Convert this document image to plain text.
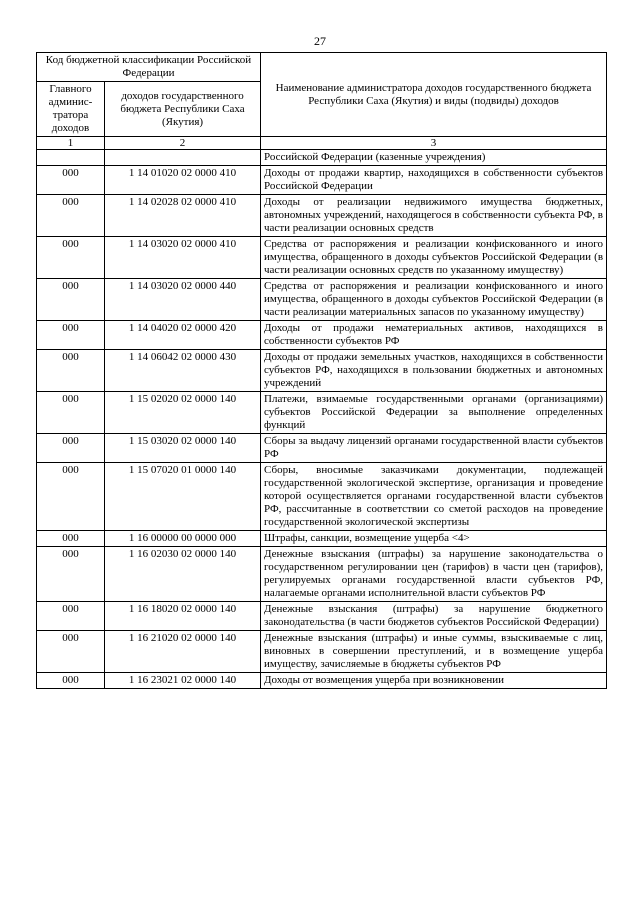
27
Код бюджетной классификации Российской Федерации		Наименование администратора доходов государственного бюджета Республики Саха (Якутия) и виды (подвиды) доходов
Главного админис-тратора доходов	доходов государственного бюджета Республики Саха (Якутия)	
1	2	3
		Российской Федерации (казенные учреждения)
000	1 14 01020 02 0000 410	Доходы от продажи квартир, находящихся в собственности субъектов Российской Федерации
000	1 14 02028 02 0000 410	Доходы от реализации недвижимого имущества бюджетных, автономных учреждений, находящегося в собственности субъекта РФ, в части реализации основных средств
000	1 14 03020 02 0000 410	Средства от распоряжения и реализации конфискованного и иного имущества, обращенного в доходы субъектов Российской Федерации (в части реализации основных средств по указанному имуществу)
000	1 14 03020 02 0000 440	Средства от распоряжения и реализации конфискованного и иного имущества, обращенного в доходы субъектов Российской Федерации (в части реализации материальных запасов по указанному имуществу)
000	1 14 04020 02 0000 420	Доходы от продажи нематериальных активов, находящихся в собственности субъектов РФ
000	1 14 06042 02 0000 430	Доходы от продажи земельных участков, находящихся в собственности субъектов РФ, находящихся в пользовании бюджетных и автономных учреждений
000	1 15 02020 02 0000 140	Платежи, взимаемые государственными органами (организациями) субъектов Российской Федерации за выполнение определенных функций
000	1 15 03020 02 0000 140	Сборы за выдачу лицензий органами государственной власти субъектов РФ
000	1 15 07020 01 0000 140	Сборы, вносимые заказчиками документации, подлежащей государственной экологической экспертизе, организация и проведение которой осуществляется органами государственной власти субъектов РФ, рассчитанные в соответствии со сметой расходов на проведение государственной экологической экспертизы
000	1 16 00000 00 0000 000	Штрафы, санкции, возмещение ущерба <4>
000	1 16 02030 02 0000 140	Денежные взыскания (штрафы) за нарушение законодательства о государственном регулировании цен (тарифов) в части цен (тарифов), регулируемых органами государственной власти субъектов РФ, налагаемые органами исполнительной власти субъектов РФ
000	1 16 18020 02 0000 140	Денежные взыскания (штрафы) за нарушение бюджетного законодательства (в части бюджетов субъектов Российской Федерации)
000	1 16 21020 02 0000 140	Денежные взыскания (штрафы) и иные суммы, взыскиваемые с лиц, виновных в совершении преступлений, и в возмещение ущерба имуществу, зачисляемые в бюджеты субъектов РФ
000	1 16 23021 02 0000 140	Доходы от возмещения ущерба при возникновении
